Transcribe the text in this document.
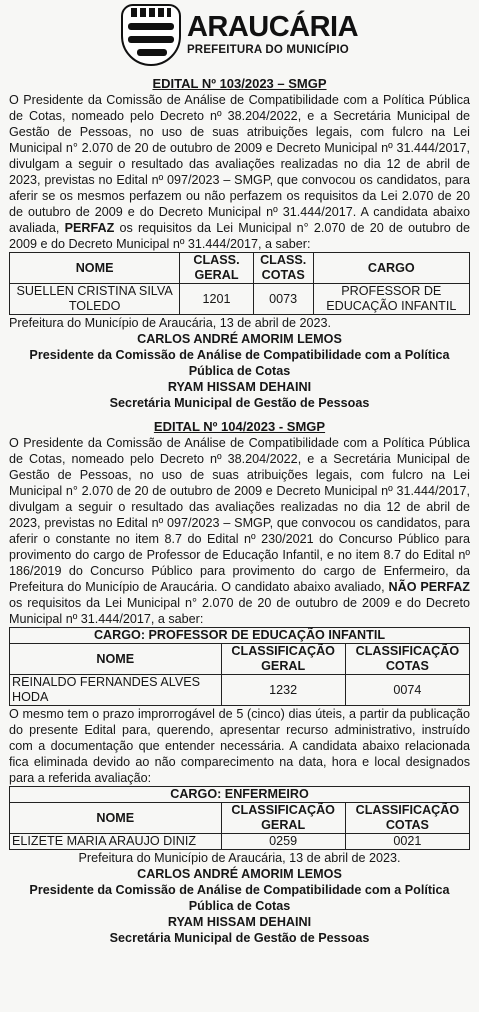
ARAUCÁRIA
PREFEITURA DO MUNICÍPIO
EDITAL Nº 103/2023 – SMGP

O Presidente da Comissão de Análise de Compatibilidade com a Política Pública de Cotas, nomeado pelo Decreto nº 38.204/2022, e a Secretária Municipal de Gestão de Pessoas, no uso de suas atribuições legais, com fulcro na Lei Municipal n° 2.070 de 20 de outubro de 2009 e Decreto Municipal nº 31.444/2017, divulgam a seguir o resultado das avaliações realizadas no dia 12 de abril de 2023, previstas no Edital nº 097/2023 – SMGP, que convocou os candidatos, para aferir se os mesmos perfazem ou não perfazem os requisitos da Lei 2.070 de 20 de outubro de 2009 e do Decreto Municipal nº 31.444/2017. A candidata abaixo avaliada, PERFAZ os requisitos da Lei Municipal n° 2.070 de 20 de outubro de 2009 e do Decreto Municipal nº 31.444/2017, a saber:

NOME	CLASS. GERAL	CLASS. COTAS	CARGO
SUELLEN CRISTINA SILVA TOLEDO	1201	0073	PROFESSOR DE EDUCAÇÃO INFANTIL
Prefeitura do Município de Araucária, 13 de abril de 2023.
CARLOS ANDRÉ AMORIM LEMOS
Presidente da Comissão de Análise de Compatibilidade com a Política Pública de Cotas
RYAM HISSAM DEHAINI
Secretária Municipal de Gestão de Pessoas
EDITAL Nº 104/2023 - SMGP

O Presidente da Comissão de Análise de Compatibilidade com a Política Pública de Cotas, nomeado pelo Decreto nº 38.204/2022, e a Secretária Municipal de Gestão de Pessoas, no uso de suas atribuições legais, com fulcro na Lei Municipal n° 2.070 de 20 de outubro de 2009 e Decreto Municipal nº 31.444/2017, divulgam a seguir o resultado das avaliações realizadas no dia 12 de abril de 2023, previstas no Edital nº 097/2023 – SMGP, que convocou os candidatos, para aferir o constante no item 8.7 do Edital nº 230/2021 do Concurso Público para provimento do cargo de Professor de Educação Infantil, e no item 8.7 do Edital nº 186/2019 do Concurso Público para provimento do cargo de Enfermeiro, da Prefeitura do Município de Araucária. O candidato abaixo avaliado, NÃO PERFAZ os requisitos da Lei Municipal n° 2.070 de 20 de outubro de 2009 e do Decreto Municipal nº 31.444/2017, a saber:

CARGO: PROFESSOR DE EDUCAÇÃO INFANTIL		
NOME	CLASSIFICAÇÃO GERAL	CLASSIFICAÇÃO COTAS
REINALDO FERNANDES ALVES HODA	1232	0074

O mesmo tem o prazo improrrogável de 5 (cinco) dias úteis, a partir da publicação do presente Edital para, querendo, apresentar recurso administrativo, instruído com a documentação que entender necessária. A candidata abaixo relacionada fica eliminada devido ao não comparecimento na data, hora e local designados para a referida avaliação:

CARGO: ENFERMEIRO		
NOME	CLASSIFICAÇÃO GERAL	CLASSIFICAÇÃO COTAS
ELIZETE MARIA ARAUJO DINIZ	0259	0021
Prefeitura do Município de Araucária, 13 de abril de 2023.
CARLOS ANDRÉ AMORIM LEMOS
Presidente da Comissão de Análise de Compatibilidade com a Política Pública de Cotas
RYAM HISSAM DEHAINI
Secretária Municipal de Gestão de Pessoas
